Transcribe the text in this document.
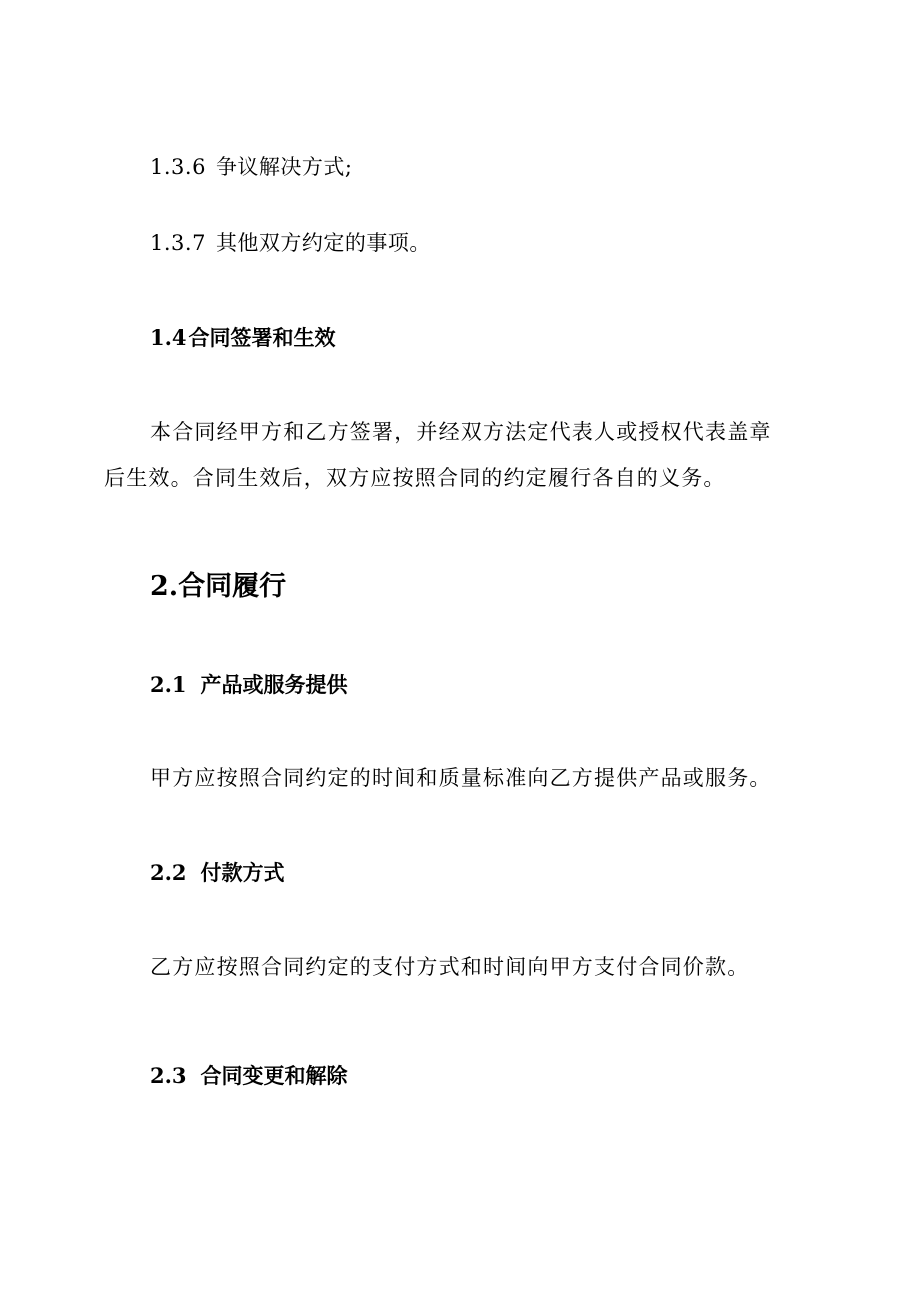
1.3.6 争议解决方式;
1.3.7 其他双方约定的事项。
1.4合同签署和生效
本合同经甲方和乙方签署，并经双方法定代表人或授权代表盖章
后生效。合同生效后，双方应按照合同的约定履行各自的义务。
2.合同履行
2.1 产品或服务提供
甲方应按照合同约定的时间和质量标准向乙方提供产品或服务。
2.2 付款方式
乙方应按照合同约定的支付方式和时间向甲方支付合同价款。
2.3 合同变更和解除
